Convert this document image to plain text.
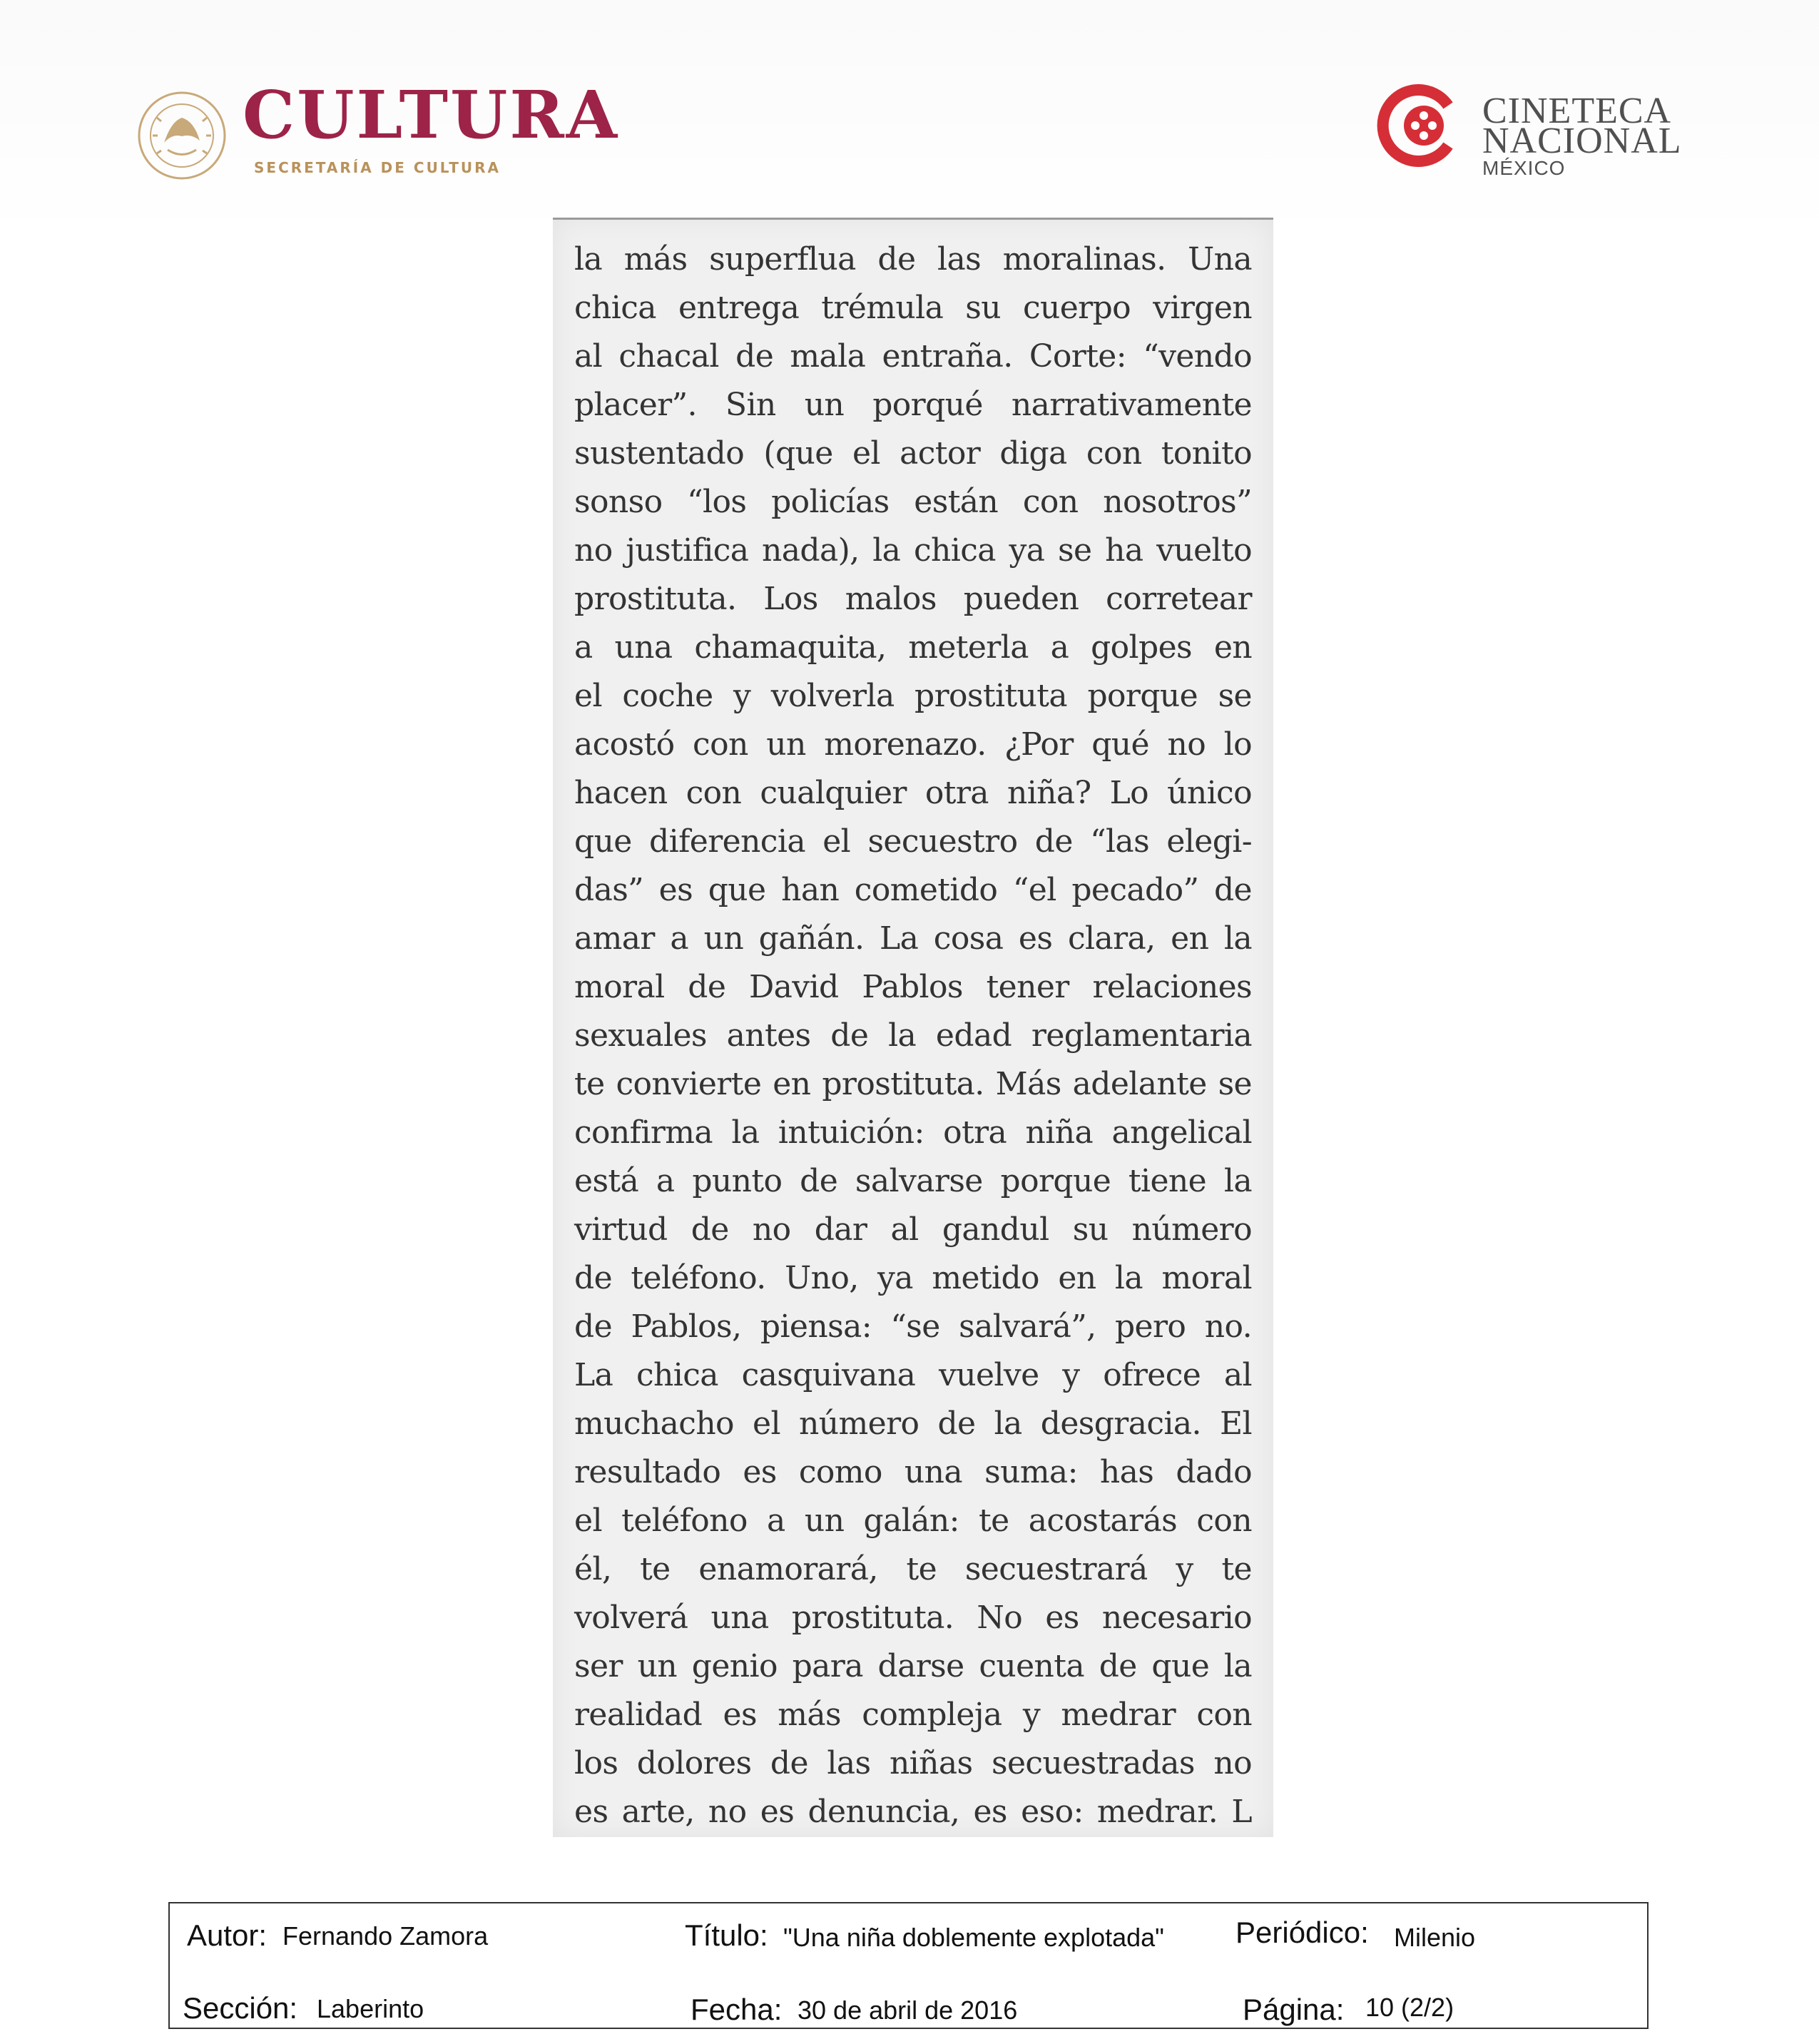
CULTURA
SECRETARÍA DE CULTURA
CINETECA
NACIONAL
MÉXICO
la más superflua de las moralinas. Una
chica entrega trémula su cuerpo virgen
al chacal de mala entraña. Corte: “vendo
placer”. Sin un porqué narrativamente
sustentado (que el actor diga con tonito
sonso “los policías están con nosotros”
no justifica nada), la chica ya se ha vuelto
prostituta. Los malos pueden corretear
a una chamaquita, meterla a golpes en
el coche y volverla prostituta porque se
acostó con un morenazo. ¿Por qué no lo
hacen con cualquier otra niña? Lo único
que diferencia el secuestro de “las elegi-
das” es que han cometido “el pecado” de
amar a un gañán. La cosa es clara, en la
moral de David Pablos tener relaciones
sexuales antes de la edad reglamentaria
te convierte en prostituta. Más adelante se
confirma la intuición: otra niña angelical
está a punto de salvarse porque tiene la
virtud de no dar al gandul su número
de teléfono. Uno, ya metido en la moral
de Pablos, piensa: “se salvará”, pero no.
La chica casquivana vuelve y ofrece al
muchacho el número de la desgracia. El
resultado es como una suma: has dado
el teléfono a un galán: te acostarás con
él, te enamorará, te secuestrará y te
volverá una prostituta. No es necesario
ser un genio para darse cuenta de que la
realidad es más compleja y medrar con
los dolores de las niñas secuestradas no
es arte, no es denuncia, es eso: medrar. L
Autor: Fernando Zamora	Título: "Una niña doblemente explotada" Periódico: Milenio
Sección: Laberinto	Fecha: 30 de abril de 2016	Página: 10 (2/2)
